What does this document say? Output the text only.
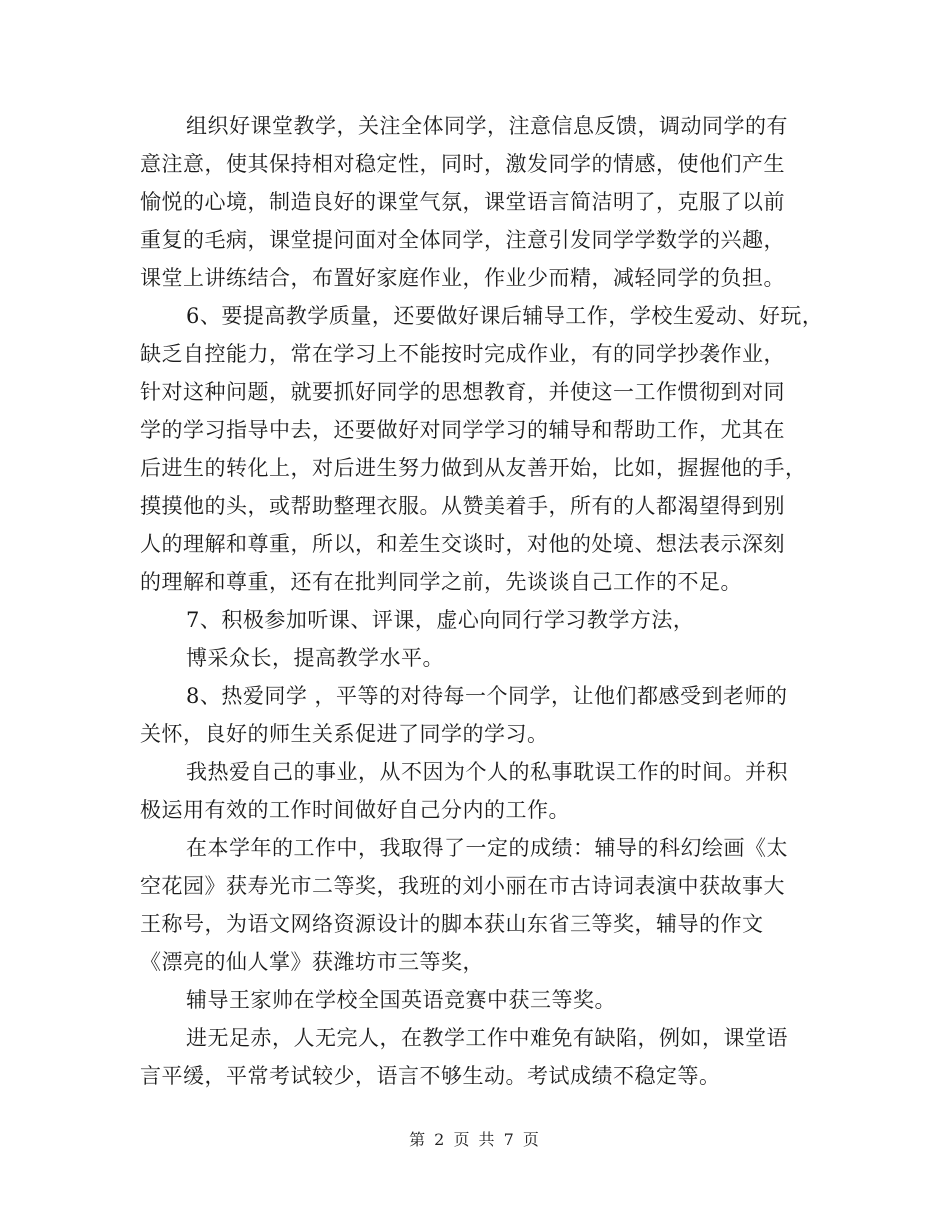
组织好课堂教学，关注全体同学，注意信息反馈，调动同学的有
意注意，使其保持相对稳定性，同时，激发同学的情感，使他们产生
愉悦的心境，制造良好的课堂气氛，课堂语言简洁明了，克服了以前
重复的毛病，课堂提问面对全体同学，注意引发同学学数学的兴趣，
课堂上讲练结合，布置好家庭作业，作业少而精，减轻同学的负担。
6、要提高教学质量，还要做好课后辅导工作，学校生爱动、好玩，
缺乏自控能力，常在学习上不能按时完成作业，有的同学抄袭作业，
针对这种问题，就要抓好同学的思想教育，并使这一工作惯彻到对同
学的学习指导中去，还要做好对同学学习的辅导和帮助工作，尤其在
后进生的转化上，对后进生努力做到从友善开始，比如，握握他的手，
摸摸他的头，或帮助整理衣服。从赞美着手，所有的人都渴望得到别
人的理解和尊重，所以，和差生交谈时，对他的处境、想法表示深刻
的理解和尊重，还有在批判同学之前，先谈谈自己工作的不足。
7、积极参加听课、评课，虚心向同行学习教学方法，
博采众长，提高教学水平。
8、热爱同学 ，平等的对待每一个同学，让他们都感受到老师的
关怀，良好的师生关系促进了同学的学习。
我热爱自己的事业，从不因为个人的私事耽误工作的时间。并积
极运用有效的工作时间做好自己分内的工作。
在本学年的工作中，我取得了一定的成绩：辅导的科幻绘画《太
空花园》获寿光市二等奖，我班的刘小丽在市古诗词表演中获故事大
王称号，为语文网络资源设计的脚本获山东省三等奖，辅导的作文
《漂亮的仙人掌》获潍坊市三等奖，
辅导王家帅在学校全国英语竞赛中获三等奖。
进无足赤，人无完人，在教学工作中难免有缺陷，例如，课堂语
言平缓，平常考试较少，语言不够生动。考试成绩不稳定等。
第 2 页 共 7 页
